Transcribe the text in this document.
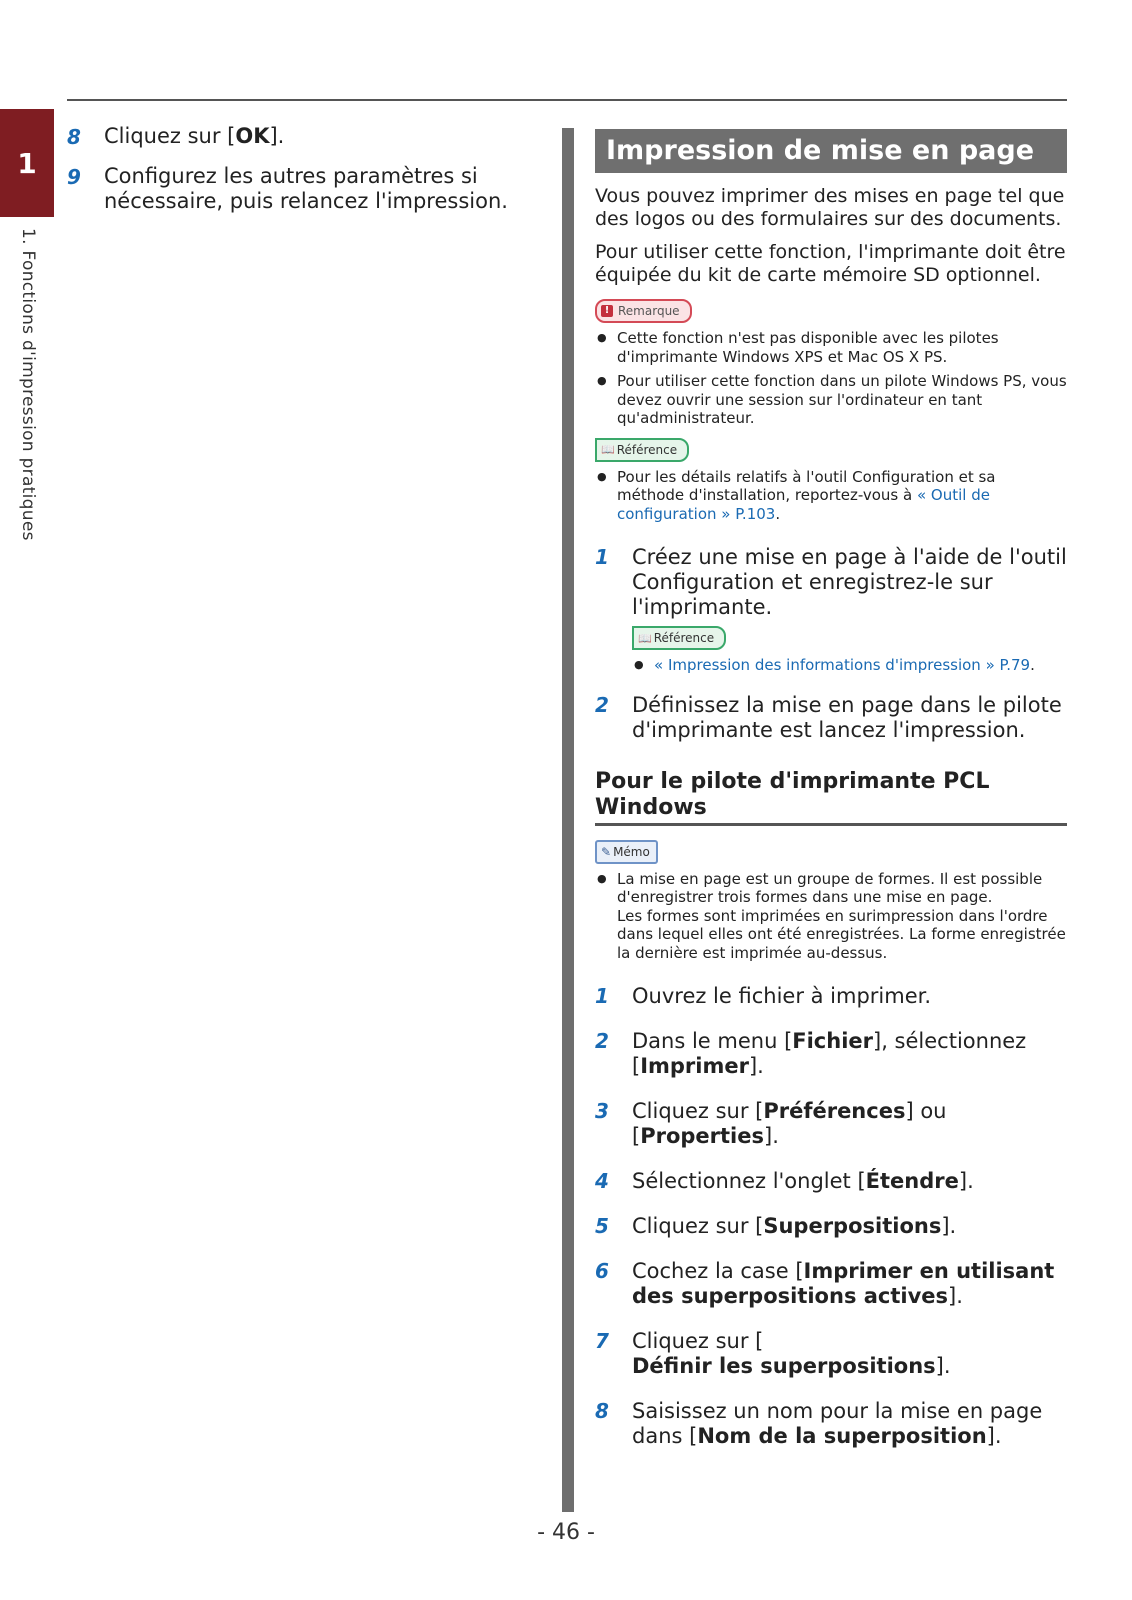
1
1. Fonctions d'impression pratiques
8	Cliquez sur [OK].
9	Configurez les autres paramètres si nécessaire, puis relancez l'impression.
Impression de mise en page

Vous pouvez imprimer des mises en page tel que des logos ou des formulaires sur des documents.

Pour utiliser cette fonction, l'imprimante doit être équipée du kit de carte mémoire SD optionnel.

! Remarque
● Cette fonction n'est pas disponible avec les pilotes d'imprimante Windows XPS et Mac OS X PS.
● Pour utiliser cette fonction dans un pilote Windows PS, vous devez ouvrir une session sur l'ordinateur en tant qu'administrateur.
📖 Référence
● Pour les détails relatifs à l'outil Configuration et sa méthode d'installation, reportez-vous à « Outil de configuration » P.103.
1	Créez une mise en page à l'aide de l'outil Configuration et enregistrez-le sur l'imprimante.
📖 Référence
● « Impression des informations d'impression » P.79.
2	Définissez la mise en page dans le pilote d'imprimante est lancez l'impression.
Pour le pilote d'imprimante PCL Windows
✎ Mémo
● La mise en page est un groupe de formes. Il est possible d'enregistrer trois formes dans une mise en page.
Les formes sont imprimées en surimpression dans l'ordre dans lequel elles ont été enregistrées. La forme enregistrée la dernière est imprimée au-dessus.
1	Ouvrez le fichier à imprimer.
2	Dans le menu [Fichier], sélectionnez [Imprimer].
3	Cliquez sur [Préférences] ou [Properties].
4	Sélectionnez l'onglet [Étendre].
5	Cliquez sur [Superpositions].
6	Cochez la case [Imprimer en utilisant des superpositions actives].
7	Cliquez sur [
Définir les superpositions].
8	Saisissez un nom pour la mise en page dans [Nom de la superposition].
- 46 -
